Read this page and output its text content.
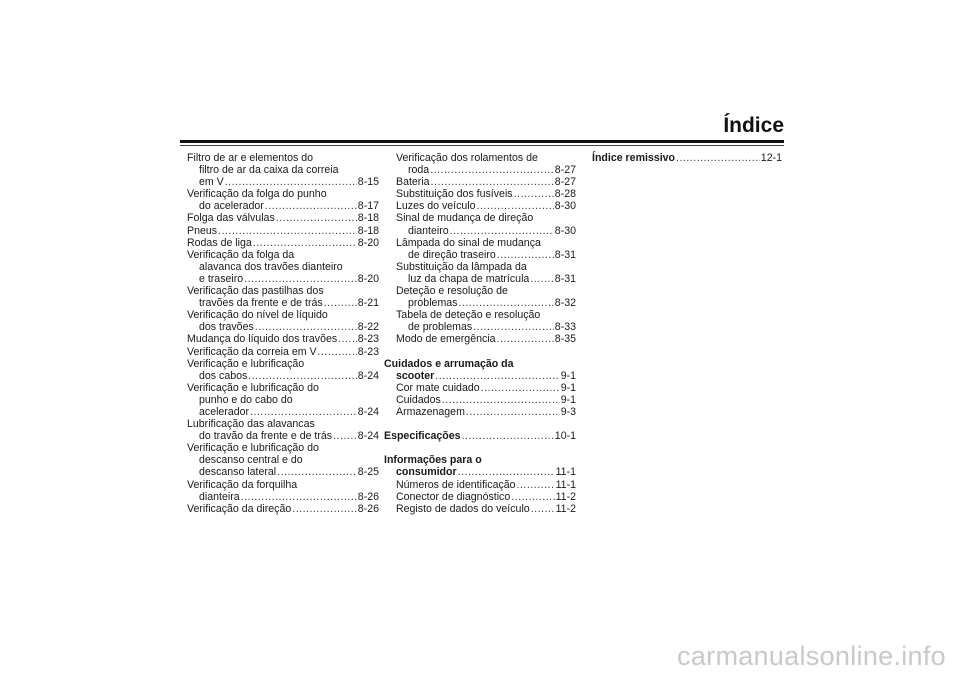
Índice
Filtro de ar e elementos do
filtro de ar da caixa da correia
em V .....	8-15
Verificação da folga do punho
do acelerador .....	8-17
Folga das válvulas .....	8-18
Pneus .....	8-18
Rodas de liga .....	8-20
Verificação da folga da
alavanca dos travões dianteiro
e traseiro .....	8-20
Verificação das pastilhas dos
travões da frente e de trás .....	8-21
Verificação do nível de líquido
dos travões .....	8-22
Mudança do líquido dos travões ..... 8-23
Verificação da correia em V .....	8-23
Verificação e lubrificação
dos cabos .....	8-24
Verificação e lubrificação do
punho e do cabo do
acelerador .....	8-24
Lubrificação das alavancas
do travão da frente e de trás ..... 8-24
Verificação e lubrificação do
descanso central e do
descanso lateral .....	8-25
Verificação da forquilha
dianteira .....	8-26
Verificação da direção .....	8-26
Verificação dos rolamentos de
roda .....	8-27
Bateria .....	8-27
Substituição dos fusíveis .....	8-28
Luzes do veículo .....	8-30
Sinal de mudança de direção
dianteiro .....	8-30
Lâmpada do sinal de mudança
de direção traseiro .....	8-31
Substituição da lâmpada da
luz da chapa de matrícula ..... 8-31
Deteção e resolução de
problemas .....	8-32
Tabela de deteção e resolução
de problemas .....	8-33
Modo de emergência .....	8-35
Cuidados e arrumação da
scooter .....	9-1
Cor mate cuidado .....	9-1
Cuidados .....	9-1
Armazenagem .....	9-3
Especificações .....	10-1
Informações para o
consumidor .....	11-1
Números de identificação .....	11-1
Conector de diagnóstico .....	11-2
Registo de dados do veículo ..... 11-2
Índice remissivo .....	12-1
carmanualsonline.info
